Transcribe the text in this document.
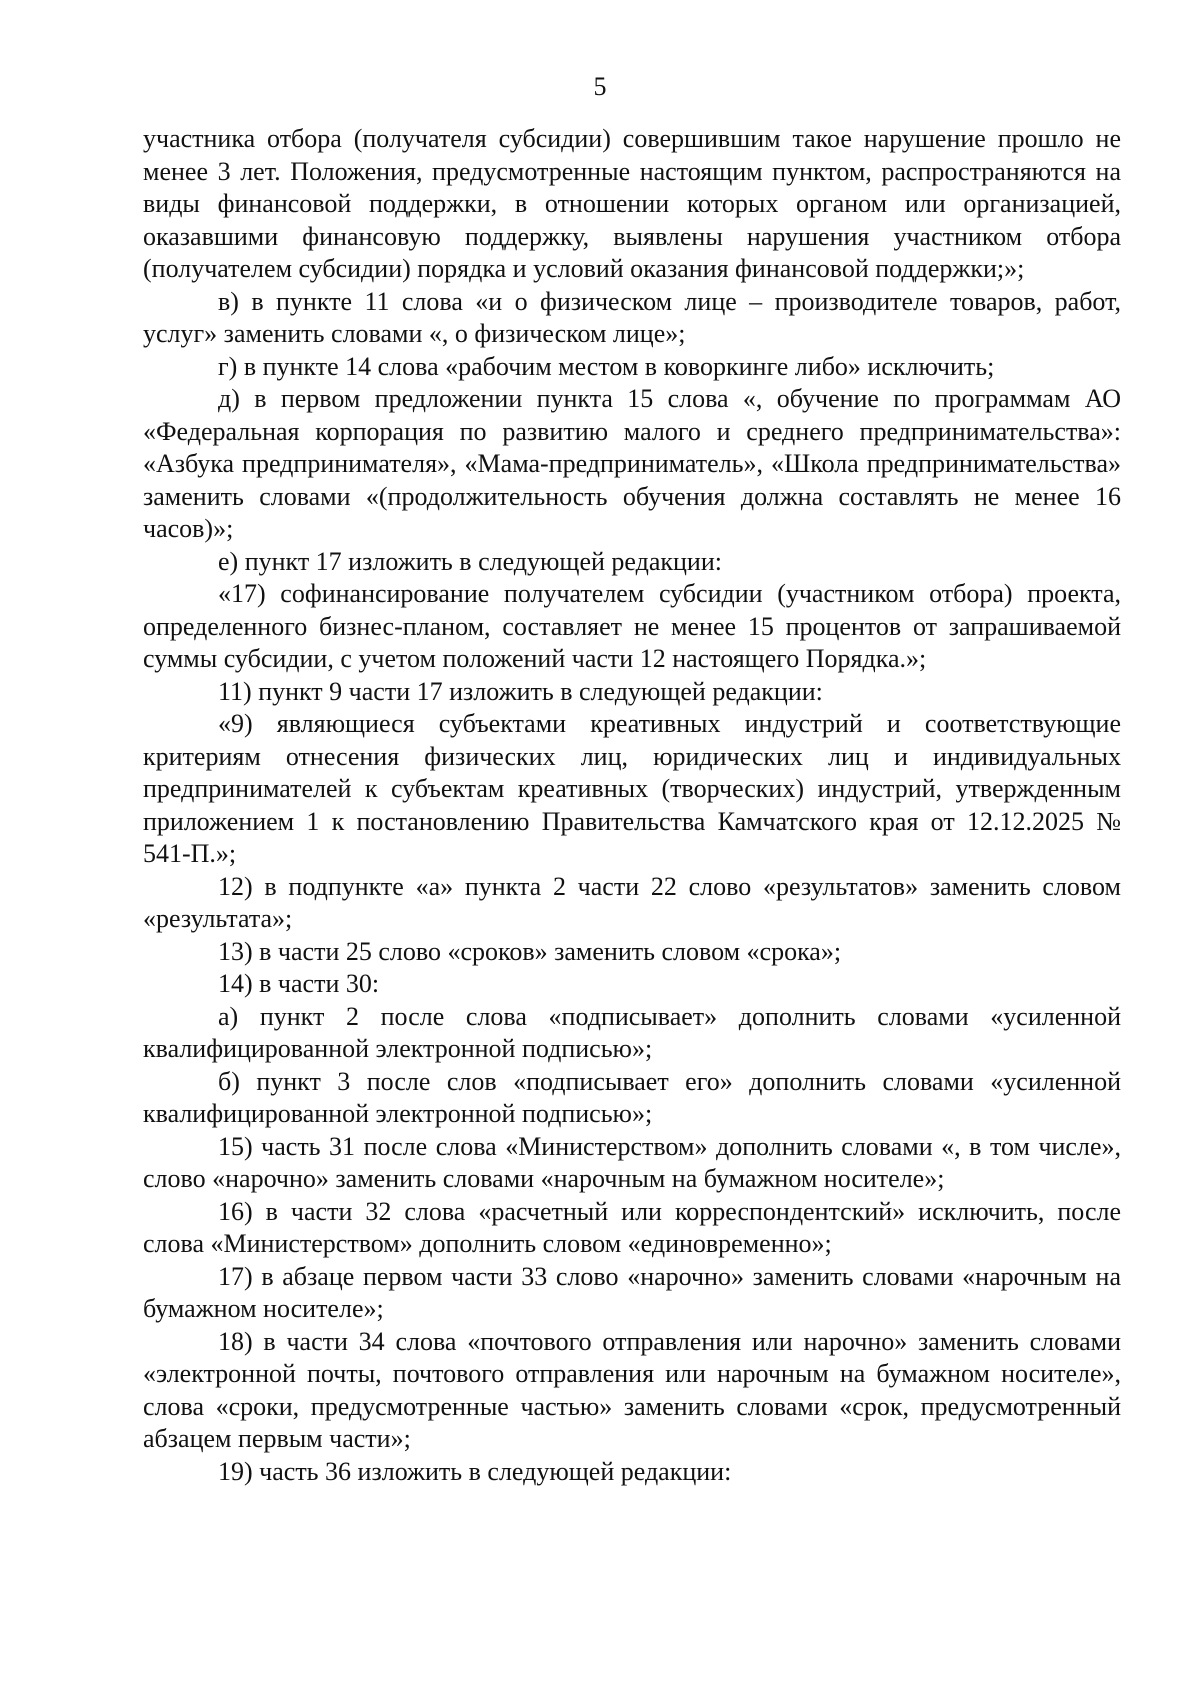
5

участника отбора (получателя субсидии) совершившим такое нарушение прошло не менее 3 лет. Положения, предусмотренные настоящим пунктом, распространяются на виды финансовой поддержки, в отношении которых органом или организацией, оказавшими финансовую поддержку, выявлены нарушения участником отбора (получателем субсидии) порядка и условий оказания финансовой поддержки;»;

в) в пункте 11 слова «и о физическом лице – производителе товаров, работ, услуг» заменить словами «, о физическом лице»;

г) в пункте 14 слова «рабочим местом в коворкинге либо» исключить;

д) в первом предложении пункта 15 слова «, обучение по программам АО «Федеральная корпорация по развитию малого и среднего предпринимательства»: «Азбука предпринимателя», «Мама-предприниматель», «Школа предпринимательства» заменить словами «(продолжительность обучения должна составлять не менее 16 часов)»;

е) пункт 17 изложить в следующей редакции:

«17) софинансирование получателем субсидии (участником отбора) проекта, определенного бизнес-планом, составляет не менее 15 процентов от запрашиваемой суммы субсидии, с учетом положений части 12 настоящего Порядка.»;

11) пункт 9 части 17 изложить в следующей редакции:

«9) являющиеся субъектами креативных индустрий и соответствующие критериям отнесения физических лиц, юридических лиц и индивидуальных предпринимателей к субъектам креативных (творческих) индустрий, утвержденным приложением 1 к постановлению Правительства Камчатского края от 12.12.2025 № 541-П.»;

12) в подпункте «а» пункта 2 части 22 слово «результатов» заменить словом «результата»;

13) в части 25 слово «сроков» заменить словом «срока»;

14) в части 30:

а) пункт 2 после слова «подписывает» дополнить словами «усиленной квалифицированной электронной подписью»;

б) пункт 3 после слов «подписывает его» дополнить словами «усиленной квалифицированной электронной подписью»;

15) часть 31 после слова «Министерством» дополнить словами «, в том числе», слово «нарочно» заменить словами «нарочным на бумажном носителе»;

16) в части 32 слова «расчетный или корреспондентский» исключить, после слова «Министерством» дополнить словом «единовременно»;

17) в абзаце первом части 33 слово «нарочно» заменить словами «нарочным на бумажном носителе»;

18) в части 34 слова «почтового отправления или нарочно» заменить словами «электронной почты, почтового отправления или нарочным на бумажном носителе», слова «сроки, предусмотренные частью» заменить словами «срок, предусмотренный абзацем первым части»;

19) часть 36 изложить в следующей редакции:
